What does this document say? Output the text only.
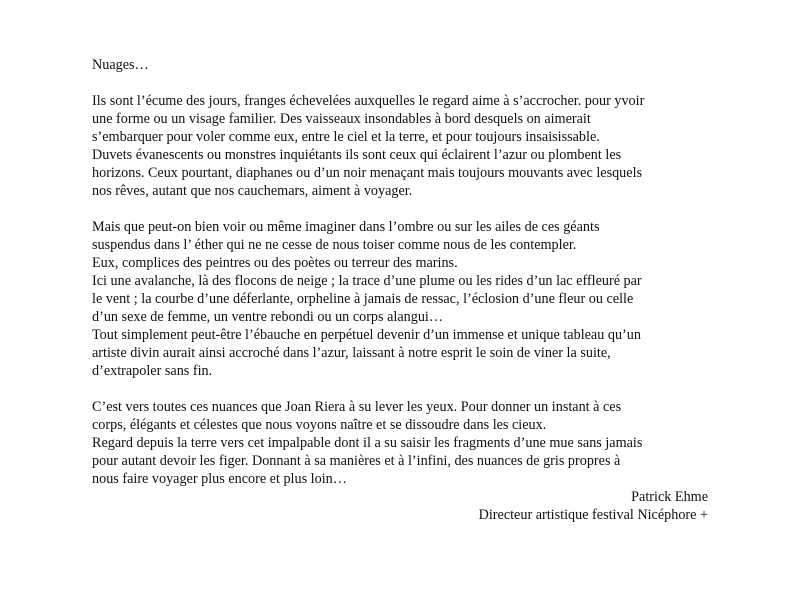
Nuages…
Ils sont l’écume des jours, franges échevelées auxquelles le regard aime à s’accrocher. pour yvoir
une forme ou un visage familier. Des vaisseaux insondables à bord desquels on aimerait
s’embarquer pour voler comme eux, entre le ciel et la terre, et pour toujours insaisissable.
Duvets évanescents ou monstres inquiétants ils sont ceux qui éclairent l’azur ou plombent les
horizons. Ceux pourtant, diaphanes ou d’un noir menaçant mais toujours mouvants avec lesquels
nos rêves, autant que nos cauchemars, aiment à voyager.
Mais que peut-on bien voir ou même imaginer dans l’ombre ou sur les ailes de ces géants
suspendus dans l’ éther qui ne ne cesse de nous toiser comme nous de les contempler.
Eux, complices des peintres ou des poètes ou terreur des marins.
Ici une avalanche, là des flocons de neige ; la trace d’une plume ou les rides d’un lac effleuré par
le vent ; la courbe d’une déferlante, orpheline à jamais de ressac, l’éclosion d’une fleur ou celle
d’un sexe de femme, un ventre rebondi ou un corps alangui…
Tout simplement peut-être l’ébauche en perpétuel devenir d’un immense et unique tableau qu’un
artiste divin aurait ainsi accroché dans l’azur, laissant à notre esprit le soin de viner la suite,
d’extrapoler sans fin.
C’est vers toutes ces nuances que Joan Riera à su lever les yeux. Pour donner un instant à ces
corps, élégants et célestes que nous voyons naître et se dissoudre dans les cieux.
Regard depuis la terre vers cet impalpable dont il a su saisir les fragments d’une mue sans jamais
pour autant devoir les figer. Donnant à sa manières et à l’infini, des nuances de gris propres à
nous faire voyager plus encore et plus loin…
Patrick Ehme
Directeur artistique festival Nicéphore +
